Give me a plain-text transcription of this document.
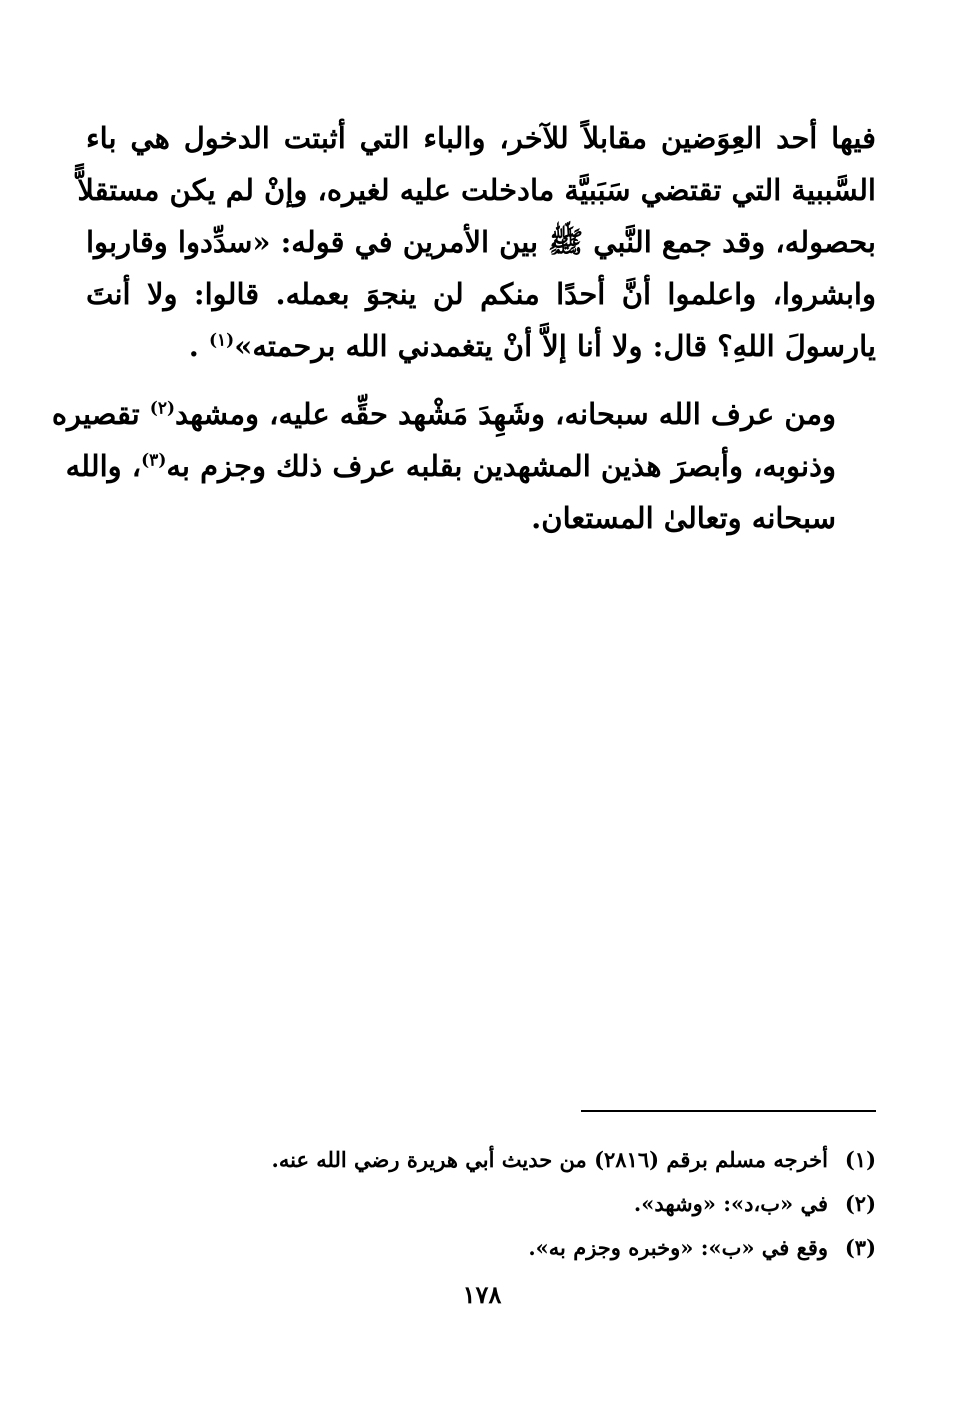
فيها أحد العِوَضين مقابلاً للآخر، والباء التي أثبتت الدخول هي باء
السَّببية التي تقتضي سَبَبيَّة مادخلت عليه لغيره، وإنْ لم يكن مستقلاًّ
بحصوله، وقد جمع النَّبي ﷺ بين الأمرين في قوله: «سدِّدوا وقاربوا
وابشروا، واعلموا أنَّ أحدًا منكم لن ينجوَ بعمله. قالوا: ولا أنتَ
يارسولَ اللهِ؟ قال: ولا أنا إلاَّ أنْ يتغمدني الله برحمته»$^{(١)}$ .
ومن عرف الله سبحانه، وشَهِدَ مَشْهد حقِّه عليه، ومشهد$^{(٢)}$ تقصيره
وذنوبه، وأبصرَ هذين المشهدين بقلبه عرف ذلك وجزم به$^{(٣)}$، والله
سبحانه وتعالىٰ المستعان.
(١)أخرجه مسلم برقم (٢٨١٦) من حديث أبي هريرة رضي الله عنه.
(٢)في «ب،د»: «وشهد».
(٣)وقع في «ب»: «وخبره وجزم به».
١٧٨
